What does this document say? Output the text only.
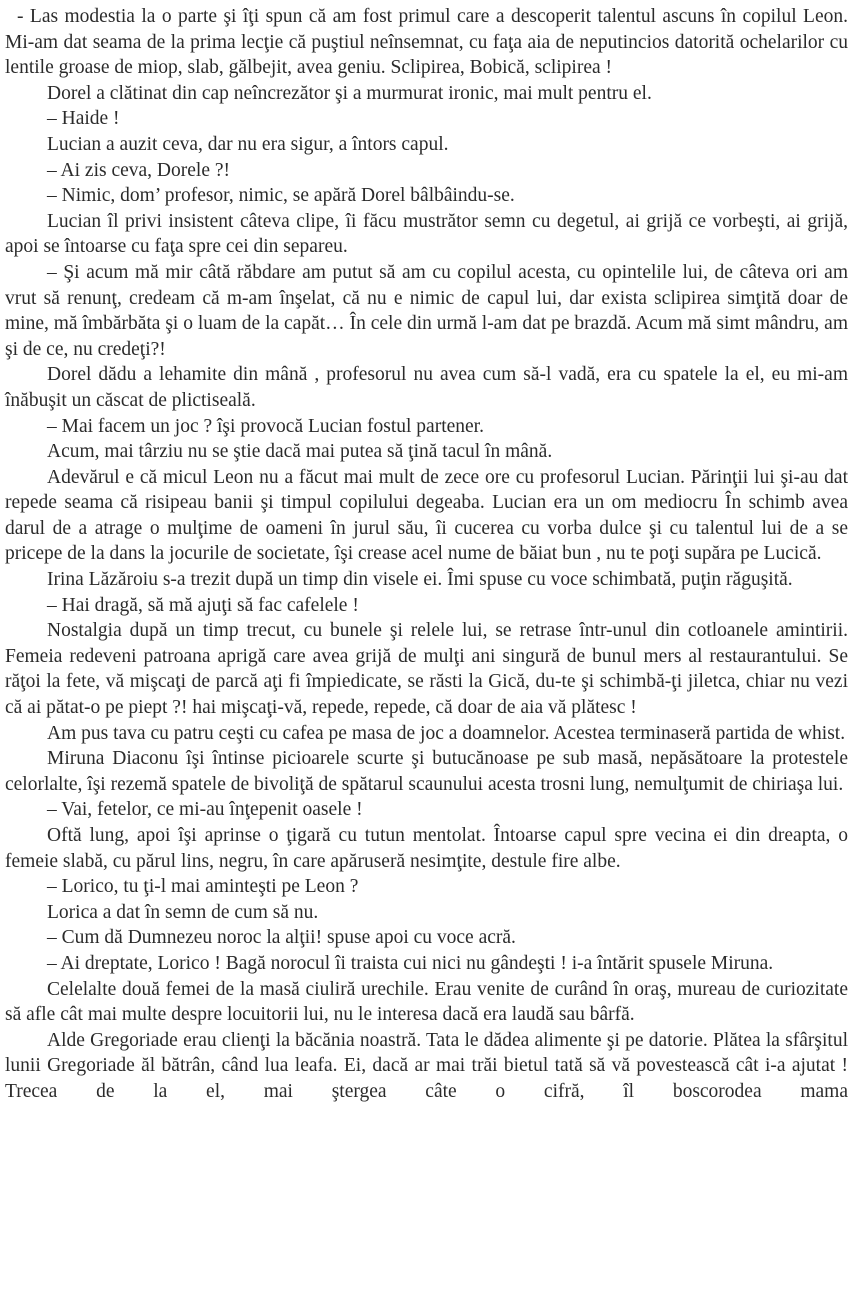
- Las modestia la o parte şi îţi spun că am fost primul care a descoperit talentul ascuns în copilul Leon. Mi-am dat seama de la prima lecţie că puştiul neînsemnat, cu faţa aia de neputincios datorită ochelarilor cu lentile groase de miop, slab, gălbejit, avea geniu. Sclipirea, Bobică, sclipirea !

Dorel a clătinat din cap neîncrezător şi a murmurat ironic, mai mult pentru el.

– Haide !

Lucian a auzit ceva, dar nu era sigur, a întors capul.

– Ai zis ceva, Dorele ?!

– Nimic, dom’ profesor, nimic, se apără Dorel bâlbâindu-se.

Lucian îl privi insistent câteva clipe, îi făcu mustrător semn cu degetul, ai grijă ce vorbeşti, ai grijă, apoi se întoarse cu faţa spre cei din separeu.

– Şi acum mă mir câtă răbdare am putut să am cu copilul acesta, cu opintelile lui, de câteva ori am vrut să renunţ, credeam că m-am înşelat, că nu e nimic de capul lui, dar exista sclipirea simţită doar de mine, mă îmbărbăta şi o luam de la capăt… În cele din urmă l-am dat pe brazdă. Acum mă simt mândru, am şi de ce, nu credeţi?!

Dorel dădu a lehamite din mână , profesorul nu avea cum să-l vadă, era cu spatele la el, eu mi-am înăbuşit un căscat de plictiseală.

– Mai facem un joc ? îşi provocă Lucian fostul partener.

Acum, mai târziu nu se ştie dacă mai putea să ţină tacul în mână.

Adevărul e că micul Leon nu a făcut mai mult de zece ore cu profesorul Lucian. Părinţii lui şi-au dat repede seama că risipeau banii şi timpul copilului degeaba. Lucian era un om mediocru În schimb avea darul de a atrage o mulţime de oameni în jurul său, îi cucerea cu vorba dulce şi cu talentul lui de a se pricepe de la dans la jocurile de societate, îşi crease acel nume de băiat bun , nu te poţi supăra pe Lucică.

Irina Lăzăroiu s-a trezit după un timp din visele ei. Îmi spuse cu voce schimbată, puţin răguşită.

– Hai dragă, să mă ajuţi să fac cafelele !

Nostalgia după un timp trecut, cu bunele şi relele lui, se retrase într-unul din cotloanele amintirii. Femeia redeveni patroana aprigă care avea grijă de mulţi ani singură de bunul mers al restaurantului. Se răţoi la fete, vă mişcaţi de parcă aţi fi împiedicate, se răsti la Gică, du-te şi schimbă-ţi jiletca, chiar nu vezi că ai pătat-o pe piept ?! hai mişcaţi-vă, repede, repede, că doar de aia vă plătesc !

Am pus tava cu patru ceşti cu cafea pe masa de joc a doamnelor. Acestea terminaseră partida de whist.

Miruna Diaconu îşi întinse picioarele scurte şi butucănoase pe sub masă, nepăsătoare la protestele celorlalte, îşi rezemă spatele de bivoliţă de spătarul scaunului acesta trosni lung, nemulţumit de chiriaşa lui.

– Vai, fetelor, ce mi-au înţepenit oasele !

Oftă lung, apoi îşi aprinse o ţigară cu tutun mentolat. Întoarse capul spre vecina ei din dreapta, o femeie slabă, cu părul lins, negru, în care apăruseră nesimţite, destule fire albe.

– Lorico, tu ţi-l mai aminteşti pe Leon ?

Lorica a dat în semn de cum să nu.

– Cum dă Dumnezeu noroc la alţii! spuse apoi cu voce acră.

– Ai dreptate, Lorico ! Bagă norocul îi traista cui nici nu gândeşti ! i-a întărit spusele Miruna.

Celelalte două femei de la masă ciuliră urechile. Erau venite de curând în oraş, mureau de curiozitate să afle cât mai multe despre locuitorii lui, nu le interesa dacă era laudă sau bârfă.

Alde Gregoriade erau clienţi la băcănia noastră. Tata le dădea alimente şi pe datorie. Plătea la sfârşitul lunii Gregoriade ăl bătrân, când lua leafa. Ei, dacă ar mai trăi bietul tată să vă povestească cât i-a ajutat ! Trecea de la el, mai ştergea câte o cifră, îl boscorodea mama
